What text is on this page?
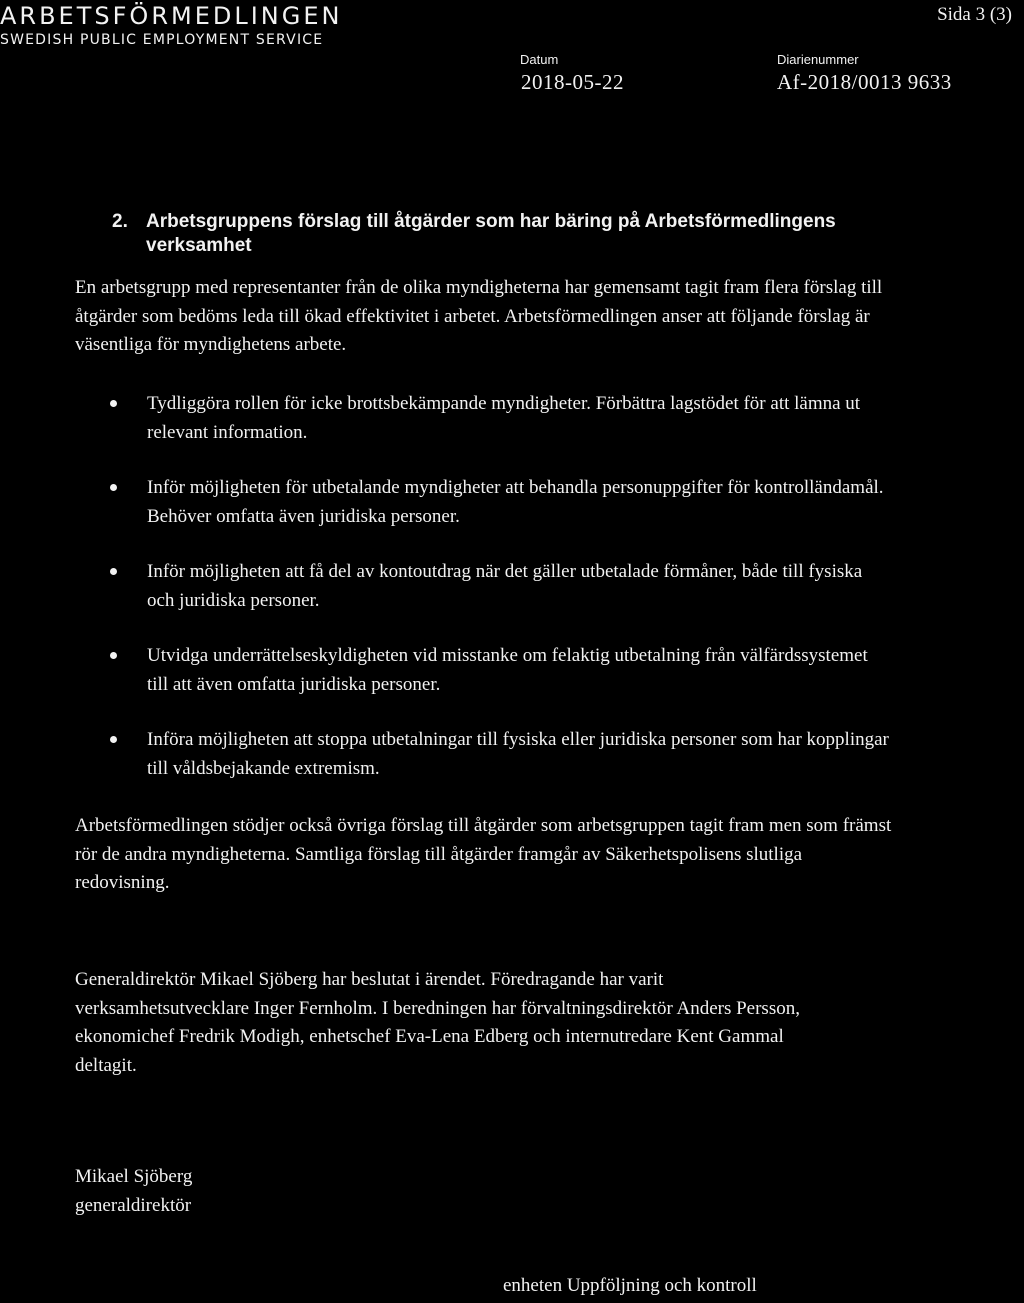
ARBETSFÖRMEDLINGEN
SWEDISH PUBLIC EMPLOYMENT SERVICE
Sida 3 (3)
Datum
2018-05-22
Diarienummer
Af-2018/0013 9633
2. Arbetsgruppens förslag till åtgärder som har bäring på Arbetsförmedlingens verksamhet

En arbetsgrupp med representanter från de olika myndigheterna har gemensamt tagit fram flera förslag till åtgärder som bedöms leda till ökad effektivitet i arbetet. Arbetsförmedlingen anser att följande förslag är väsentliga för myndighetens arbete.

Tydliggöra rollen för icke brottsbekämpande myndigheter. Förbättra lagstödet för att lämna ut relevant information.
Inför möjligheten för utbetalande myndigheter att behandla personuppgifter för kontrolländamål. Behöver omfatta även juridiska personer.
Inför möjligheten att få del av kontoutdrag när det gäller utbetalade förmåner, både till fysiska och juridiska personer.
Utvidga underrättelseskyldigheten vid misstanke om felaktig utbetalning från välfärdssystemet till att även omfatta juridiska personer.
Införa möjligheten att stoppa utbetalningar till fysiska eller juridiska personer som har kopplingar till våldsbejakande extremism.

Arbetsförmedlingen stödjer också övriga förslag till åtgärder som arbetsgruppen tagit fram men som främst rör de andra myndigheterna. Samtliga förslag till åtgärder framgår av Säkerhetspolisens slutliga redovisning.

Generaldirektör Mikael Sjöberg har beslutat i ärendet. Föredragande har varit verksamhetsutvecklare Inger Fernholm. I beredningen har förvaltningsdirektör Anders Persson, ekonomichef Fredrik Modigh, enhetschef Eva-Lena Edberg och internutredare Kent Gammal deltagit.

Mikael Sjöberg
generaldirektör
enheten Uppföljning och kontroll
